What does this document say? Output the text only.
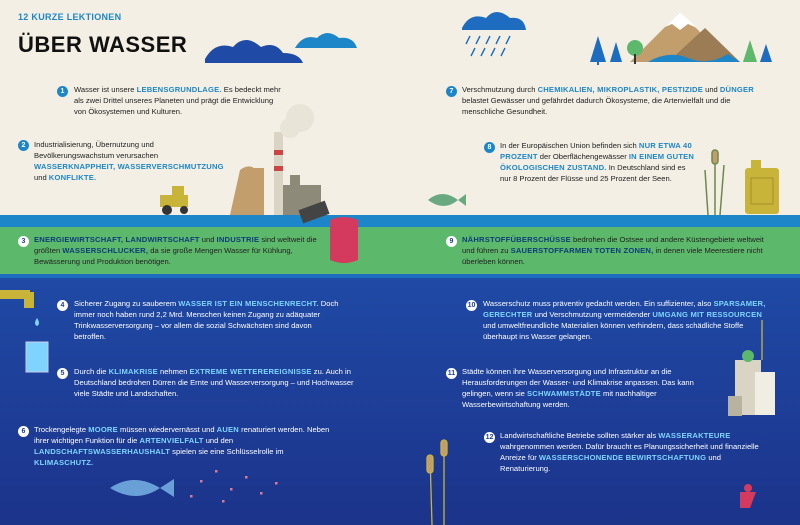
12 KURZE LEKTIONEN
ÜBER WASSER
1	Wasser ist unsere LEBENSGRUNDLAGE. Es bedeckt mehr als zwei Drittel unseres Planeten und prägt die Entwicklung von Ökosystemen und Kulturen.
2	Industrialisierung, Übernutzung und Bevölkerungswachstum verursachen WASSERKNAPPHEIT, WASSERVERSCHMUTZUNG und KONFLIKTE.
3	ENERGIEWIRTSCHAFT, LANDWIRTSCHAFT und INDUSTRIE sind weltweit die größten WASSERSCHLUCKER, da sie große Mengen Wasser für Kühlung, Bewässerung und Produktion benötigen.
4	Sicherer Zugang zu sauberem WASSER IST EIN MENSCHENRECHT. Doch immer noch haben rund 2,2 Mrd. Menschen keinen Zugang zu adäquater Trinkwasserversorgung – vor allem die sozial Schwächsten sind davon betroffen.
5	Durch die KLIMAKRISE nehmen EXTREME WETTEREREIGNISSE zu. Auch in Deutschland bedrohen Dürren die Ernte und Wasserversorgung – und Hochwasser viele Städte und Landschaften.
6	Trockengelegte MOORE müssen wiedervernässt und AUEN renaturiert werden. Neben ihrer wichtigen Funktion für die ARTENVIELFALT und den LANDSCHAFTSWASSERHAUSHALT spielen sie eine Schlüsselrolle im KLIMASCHUTZ.
7	Verschmutzung durch CHEMIKALIEN, MIKROPLASTIK, PESTIZIDE und DÜNGER belastet Gewässer und gefährdet dadurch Ökosysteme, die Artenvielfalt und die menschliche Gesundheit.
8	In der Europäischen Union befinden sich NUR ETWA 40 PROZENT der Oberflächengewässer IN EINEM GUTEN ÖKOLOGISCHEN ZUSTAND. In Deutschland sind es nur 8 Prozent der Flüsse und 25 Prozent der Seen.
9	NÄHRSTOFFÜBERSCHÜSSE bedrohen die Ostsee und andere Küstengebiete weltweit und führen zu SAUERSTOFFARMEN TOTEN ZONEN, in denen viele Meerestiere nicht überleben können.
10 Wasserschutz muss präventiv gedacht werden. Ein suffizienter, also SPARSAMER, GERECHTER und Verschmutzung vermeidender UMGANG MIT RESSOURCEN und umweltfreundliche Materialien können verhindern, dass schädliche Stoffe überhaupt ins Wasser gelangen.
11 Städte können ihre Wasserversorgung und Infrastruktur an die Herausforderungen der Wasser- und Klimakrise anpassen. Das kann gelingen, wenn sie SCHWAMMSTÄDTE mit nachhaltiger Wasserbewirtschaftung werden.
12 Landwirtschaftliche Betriebe sollten stärker als WASSERAKTEURE wahrgenommen werden. Dafür braucht es Planungssicherheit und finanzielle Anreize für WASSERSCHONENDE BEWIRTSCHAFTUNG und Renaturierung.
